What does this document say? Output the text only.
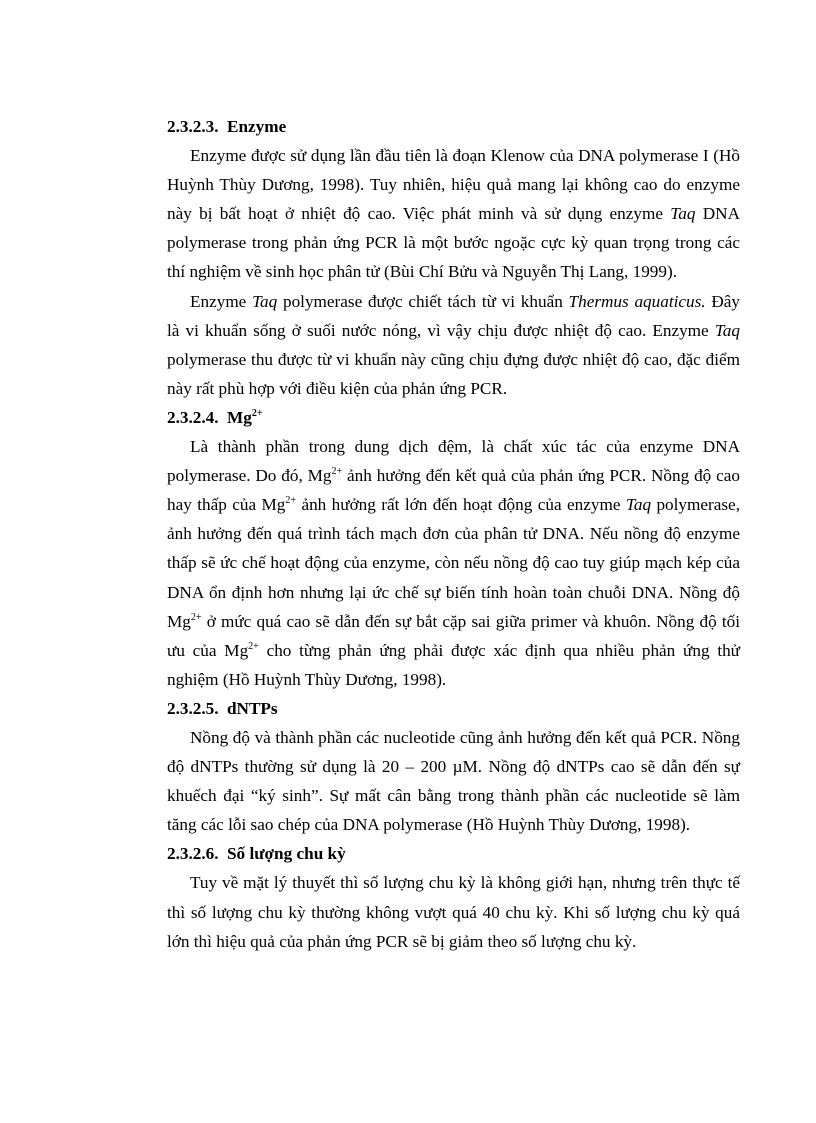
2.3.2.3. Enzyme

Enzyme được sử dụng lần đầu tiên là đoạn Klenow của DNA polymerase I (Hồ Huỳnh Thùy Dương, 1998). Tuy nhiên, hiệu quả mang lại không cao do enzyme này bị bất hoạt ở nhiệt độ cao. Việc phát minh và sử dụng enzyme Taq DNA polymerase trong phản ứng PCR là một bước ngoặc cực kỳ quan trọng trong các thí nghiệm về sinh học phân tử (Bùi Chí Bửu và Nguyễn Thị Lang, 1999).

Enzyme Taq polymerase được chiết tách từ vi khuẩn Thermus aquaticus. Đây là vi khuẩn sống ở suối nước nóng, vì vậy chịu được nhiệt độ cao. Enzyme Taq polymerase thu được từ vi khuẩn này cũng chịu đựng được nhiệt độ cao, đặc điểm này rất phù hợp với điều kiện của phản ứng PCR.

2.3.2.4. $Mg^{2+}$

Là thành phần trong dung dịch đệm, là chất xúc tác của enzyme DNA polymerase. Do đó, $Mg^{2+}$ ảnh hưởng đến kết quả của phản ứng PCR. Nồng độ cao hay thấp của $Mg^{2+}$ ảnh hưởng rất lớn đến hoạt động của enzyme Taq polymerase, ảnh hưởng đến quá trình tách mạch đơn của phân tử DNA. Nếu nồng độ enzyme thấp sẽ ức chế hoạt động của enzyme, còn nếu nồng độ cao tuy giúp mạch kép của DNA ổn định hơn nhưng lại ức chế sự biến tính hoàn toàn chuỗi DNA. Nồng độ $Mg^{2+}$ ở mức quá cao sẽ dẫn đến sự bắt cặp sai giữa primer và khuôn. Nồng độ tối ưu của $Mg^{2+}$ cho từng phản ứng phải được xác định qua nhiều phản ứng thử nghiệm (Hồ Huỳnh Thùy Dương, 1998).

2.3.2.5. dNTPs

Nồng độ và thành phần các nucleotide cũng ảnh hưởng đến kết quả PCR. Nồng độ dNTPs thường sử dụng là 20 – 200 µM. Nồng độ dNTPs cao sẽ dẫn đến sự khuếch đại “ký sinh”. Sự mất cân bằng trong thành phần các nucleotide sẽ làm tăng các lỗi sao chép của DNA polymerase (Hồ Huỳnh Thùy Dương, 1998).

2.3.2.6. Số lượng chu kỳ

Tuy về mặt lý thuyết thì số lượng chu kỳ là không giới hạn, nhưng trên thực tế thì số lượng chu kỳ thường không vượt quá 40 chu kỳ. Khi số lượng chu kỳ quá lớn thì hiệu quả của phản ứng PCR sẽ bị giảm theo số lượng chu kỳ.
